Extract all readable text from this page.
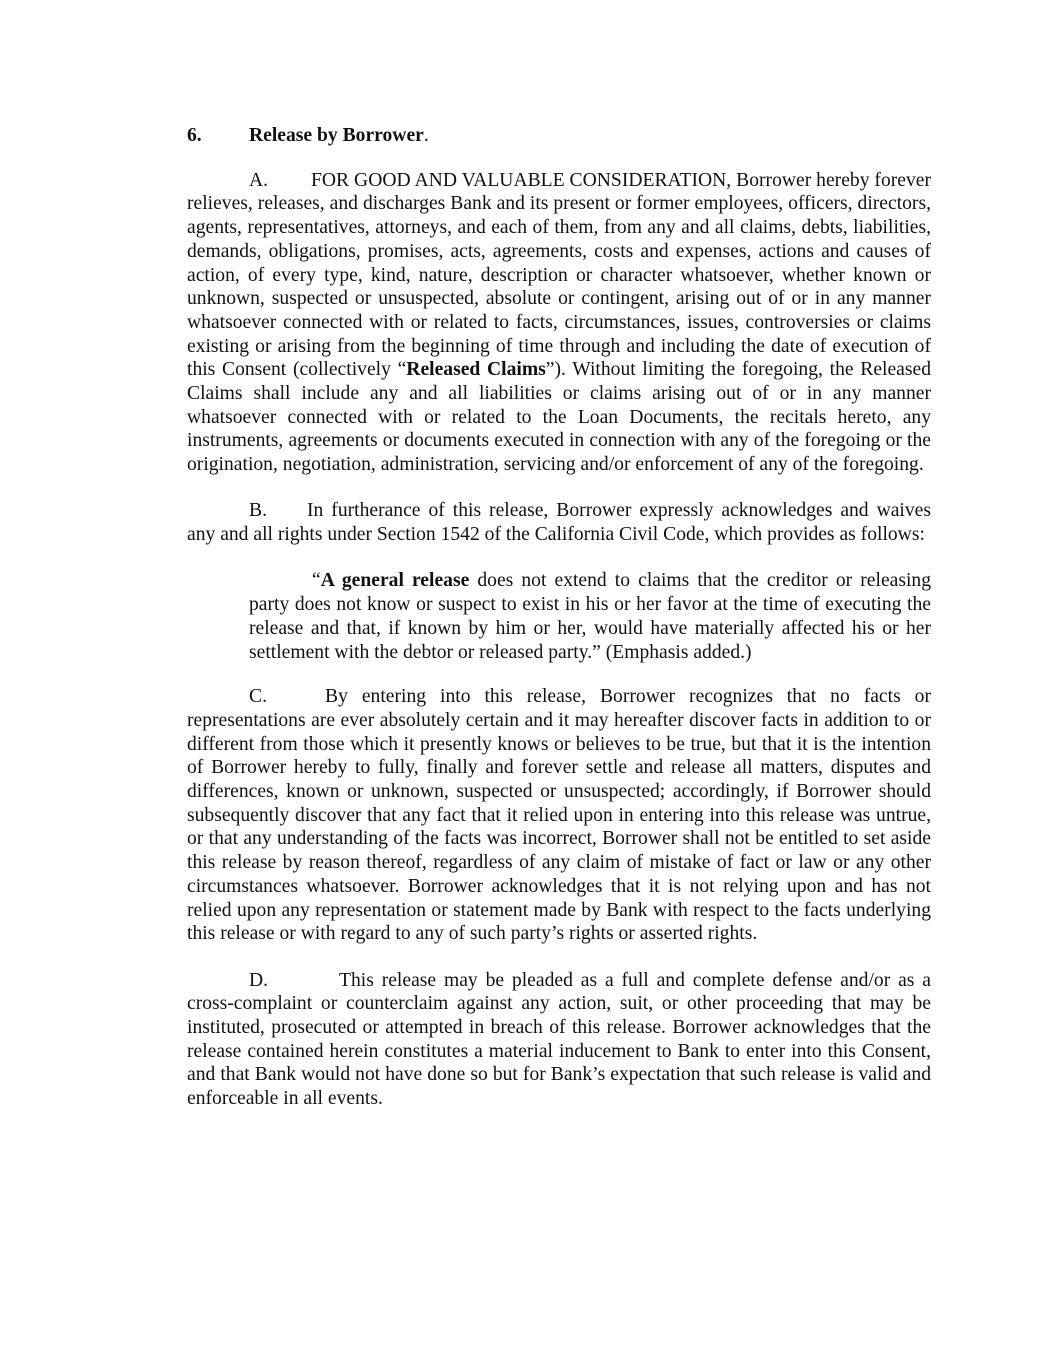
6. Release by Borrower.

A. FOR GOOD AND VALUABLE CONSIDERATION, Borrower hereby forever relieves, releases, and discharges Bank and its present or former employees, officers, directors, agents, representatives, attorneys, and each of them, from any and all claims, debts, liabilities, demands, obligations, promises, acts, agreements, costs and expenses, actions and causes of action, of every type, kind, nature, description or character whatsoever, whether known or unknown, suspected or unsuspected, absolute or contingent, arising out of or in any manner whatsoever connected with or related to facts, circumstances, issues, controversies or claims existing or arising from the beginning of time through and including the date of execution of this Consent (collectively “Released Claims”). Without limiting the foregoing, the Released Claims shall include any and all liabilities or claims arising out of or in any manner whatsoever connected with or related to the Loan Documents, the recitals hereto, any instruments, agreements or documents executed in connection with any of the foregoing or the origination, negotiation, administration, servicing and/or enforcement of any of the foregoing.

B. In furtherance of this release, Borrower expressly acknowledges and waives any and all rights under Section 1542 of the California Civil Code, which provides as follows:

“A general release does not extend to claims that the creditor or releasing party does not know or suspect to exist in his or her favor at the time of executing the release and that, if known by him or her, would have materially affected his or her settlement with the debtor or released party.” (Emphasis added.)

C.	By entering into this release, Borrower recognizes that no facts or representations are ever absolutely certain and it may hereafter discover facts in addition to or different from those which it presently knows or believes to be true, but that it is the intention of Borrower hereby to fully, finally and forever settle and release all matters, disputes and differences, known or unknown, suspected or unsuspected; accordingly, if Borrower should subsequently discover that any fact that it relied upon in entering into this release was untrue, or that any understanding of the facts was incorrect, Borrower shall not be entitled to set aside this release by reason thereof, regardless of any claim of mistake of fact or law or any other circumstances whatsoever. Borrower acknowledges that it is not relying upon and has not relied upon any representation or statement made by Bank with respect to the facts underlying this release or with regard to any of such party’s rights or asserted rights.

D.	This release may be pleaded as a full and complete defense and/or as a cross-complaint or counterclaim against any action, suit, or other proceeding that may be instituted, prosecuted or attempted in breach of this release. Borrower acknowledges that the release contained herein constitutes a material inducement to Bank to enter into this Consent, and that Bank would not have done so but for Bank’s expectation that such release is valid and enforceable in all events.
